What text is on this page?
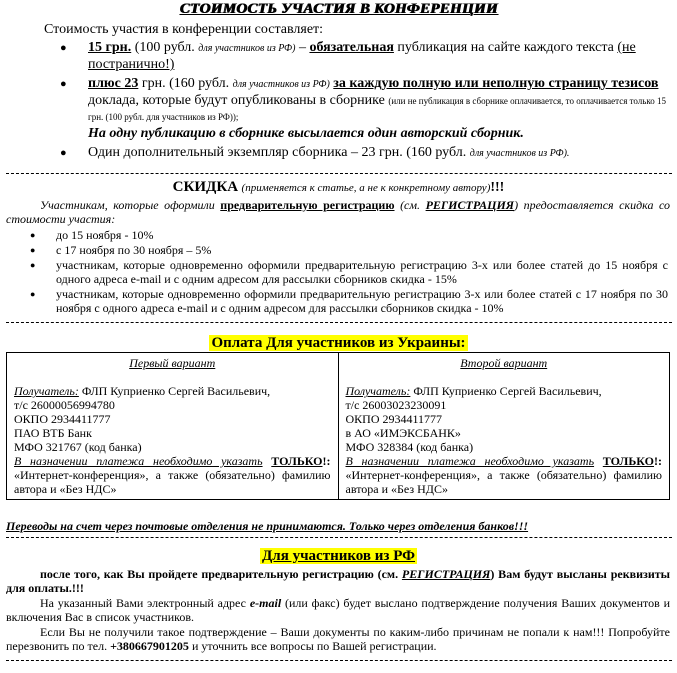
СТОИМОСТЬ УЧАСТИЯ В КОНФЕРЕНЦИИ
Стоимость участия в конференции составляет:
● 15 грн. (100 рубл. для участников из РФ) – обязательная публикация на сайте каждого текста (не постранично!)
● плюс 23 грн. (160 рубл. для участников из РФ) за каждую полную или неполную страницу тезисов доклада, которые будут опубликованы в сборнике (или не публикация в сборнике оплачивается, то оплачивается только 15 грн. (100 рубл. для участников из РФ));
На одну публикацию в сборнике высылается один авторский сборник.
● Один дополнительный экземпляр сборника – 23 грн. (160 рубл. для участников из РФ).
СКИДКА (применяется к статье, а не к конкретному автору)!!!
Участникам, которые оформили предварительную регистрацию (см. РЕГИСТРАЦИЯ) предоставляется скидка со стоимости участия:
● до 15 ноября - 10%
● с 17 ноября по 30 ноября – 5%
● участникам, которые одновременно оформили предварительную регистрацию 3-х или более статей до 15 ноября с одного адреса e-mail и с одним адресом для рассылки сборников скидка - 15%
● участникам, которые одновременно оформили предварительную регистрацию 3-х или более статей с 17 ноября по 30 ноября с одного адреса e-mail и с одним адресом для рассылки сборников скидка - 10%
Оплата Для участников из Украины:
Первый вариант
Получатель: ФЛП Куприенко Сергей Васильевич,
т/с 26000056994780
ОКПО 2934411777
ПАО ВТБ Банк
МФО 321767 (код банка)
В назначении платежа необходимо указать ТОЛЬКО!: «Интернет-конференция», а также (обязательно) фамилию автора и «Без НДС»

Второй вариант
Получатель: ФЛП Куприенко Сергей Васильевич,
т/с 26003023230091
ОКПО 2934411777
в АО «ИМЭКСБАНК»
МФО 328384 (код банка)
В назначении платежа необходимо указать ТОЛЬКО!: «Интернет-конференция», а также (обязательно) фамилию автора и «Без НДС»
Переводы на счет через почтовые отделения не принимаются. Только через отделения банков!!!
Для участников из РФ

после того, как Вы пройдете предварительную регистрацию (см. РЕГИСТРАЦИЯ) Вам будут высланы реквизиты для оплаты.!!!

На указанный Вами электронный адрес e-mail (или факс) будет выслано подтверждение получения Ваших документов и включения Вас в список участников.

Если Вы не получили такое подтверждение – Ваши документы по каким-либо причинам не попали к нам!!! Попробуйте перезвонить по тел. +380667901205 и уточнить все вопросы по Вашей регистрации.
